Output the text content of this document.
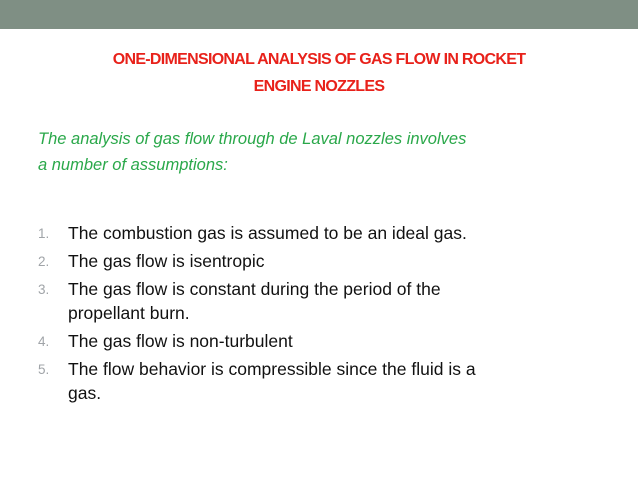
ONE-DIMENSIONAL ANALYSIS OF GAS FLOW IN ROCKET
ENGINE NOZZLES
The analysis of gas flow through de Laval nozzles involves
a number of assumptions:
1. The combustion gas is assumed to be an ideal gas.
2. The gas flow is isentropic
3. The gas flow is constant during the period of the
propellant burn.
4. The gas flow is non-turbulent
5. The flow behavior is compressible since the fluid is a
gas.
